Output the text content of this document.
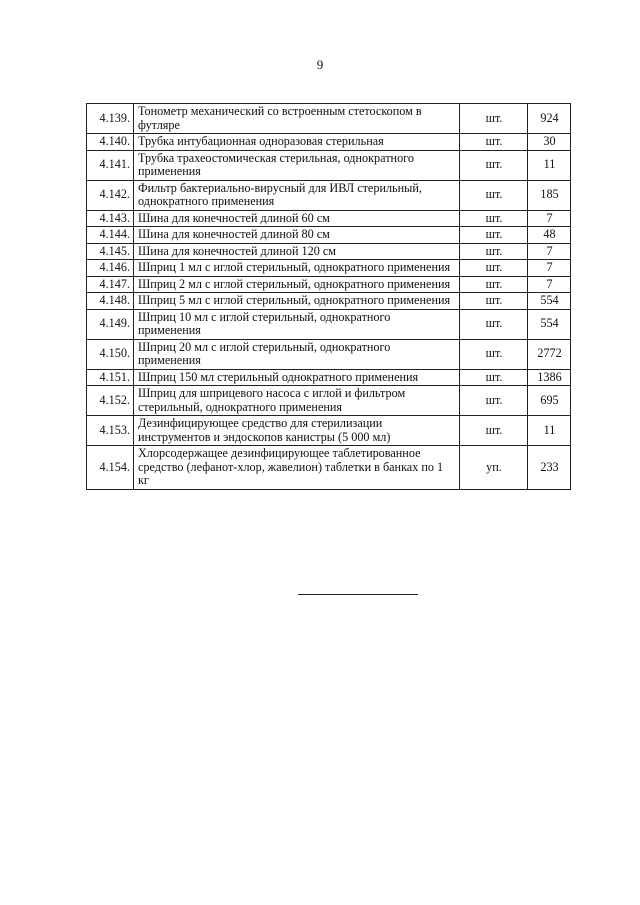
9
4.139.	Тонометр механический со встроенным стетоскопом в футляре	шт.	924
4.140.	Трубка интубационная одноразовая стерильная	шт.	30
4.141.	Трубка трахеостомическая стерильная, однократного применения	шт.	11
4.142.	Фильтр бактериально-вирусный для ИВЛ стерильный, однократного применения	шт.	185
4.143.	Шина для конечностей длиной 60 см	шт.	7
4.144.	Шина для конечностей длиной 80 см	шт.	48
4.145.	Шина для конечностей длиной 120 см	шт.	7
4.146.	Шприц 1 мл с иглой стерильный, однократного применения	шт.	7
4.147.	Шприц 2 мл с иглой стерильный, однократного применения	шт.	7
4.148.	Шприц 5 мл с иглой стерильный, однократного применения	шт.	554
4.149.	Шприц 10 мл с иглой стерильный, однократного применения	шт.	554
4.150.	Шприц 20 мл с иглой стерильный, однократного применения	шт.	2772
4.151.	Шприц 150 мл стерильный однократного применения	шт.	1386
4.152.	Шприц для шприцевого насоса с иглой и фильтром стерильный, однократного применения	шт.	695
4.153.	Дезинфицирующее средство для стерилизации инструментов и эндоскопов канистры (5 000 мл)	шт.	11
4.154.	Хлорсодержащее дезинфицирующее таблетированное средство (лефанот-хлор, жавелион) таблетки в банках по 1 кг	уп.	233
